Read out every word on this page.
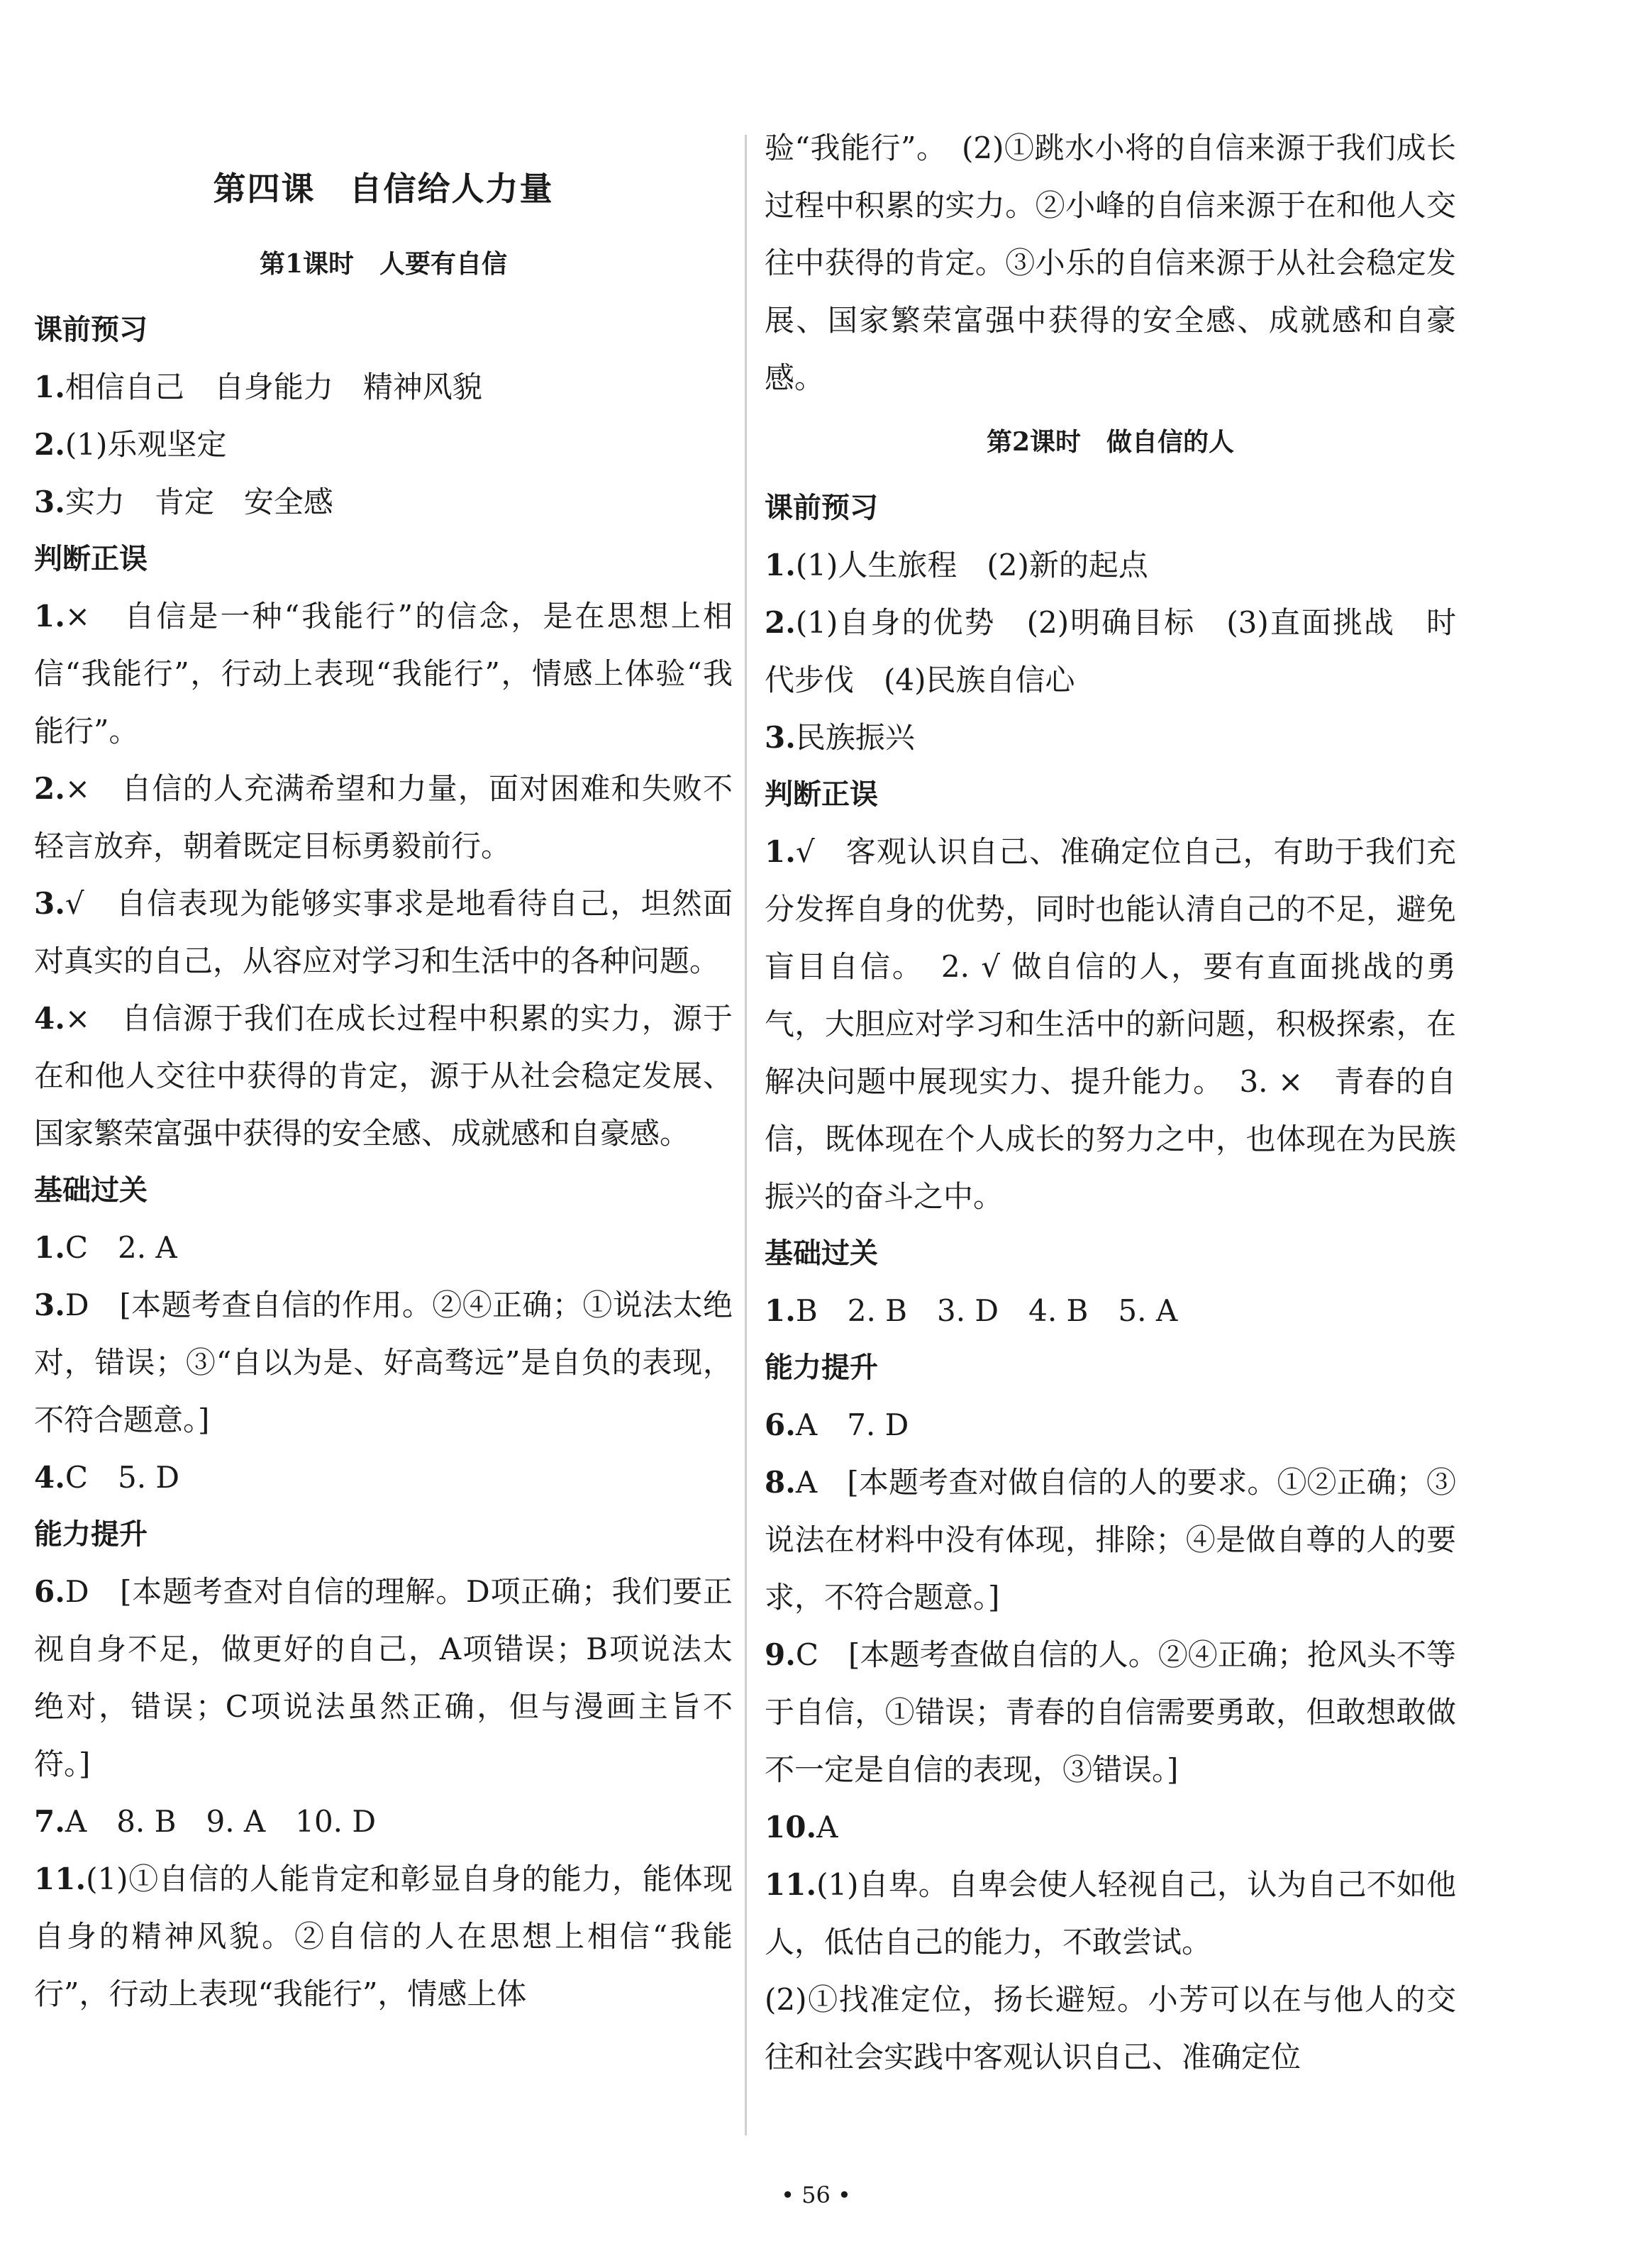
第四课　自信给人力量
第1课时　人要有自信
课前预习

1.相信自己　自身能力　精神风貌

2.(1)乐观坚定

3.实力　肯定　安全感

判断正误

1.×　自信是一种“我能行”的信念，是在思想上相信“我能行”，行动上表现“我能行”，情感上体验“我能行”。

2.×　自信的人充满希望和力量，面对困难和失败不轻言放弃，朝着既定目标勇毅前行。

3.√　自信表现为能够实事求是地看待自己，坦然面对真实的自己，从容应对学习和生活中的各种问题。

4.×　自信源于我们在成长过程中积累的实力，源于在和他人交往中获得的肯定，源于从社会稳定发展、国家繁荣富强中获得的安全感、成就感和自豪感。

基础过关

1.C　2. A

3.D　[本题考查自信的作用。②④正确；①说法太绝对，错误；③“自以为是、好高骛远”是自负的表现，不符合题意。]

4.C　5. D

能力提升

6.D　[本题考查对自信的理解。D项正确；我们要正视自身不足，做更好的自己，A项错误；B项说法太绝对，错误；C项说法虽然正确，但与漫画主旨不符。]

7.A　8. B　9. A　10. D

11.(1)①自信的人能肯定和彰显自身的能力，能体现自身的精神风貌。②自信的人在思想上相信“我能行”，行动上表现“我能行”，情感上体

验“我能行”。　(2)①跳水小将的自信来源于我们成长过程中积累的实力。②小峰的自信来源于在和他人交往中获得的肯定。③小乐的自信来源于从社会稳定发展、国家繁荣富强中获得的安全感、成就感和自豪感。

第2课时　做自信的人
课前预习

1.(1)人生旅程　(2)新的起点

2.(1)自身的优势　(2)明确目标　(3)直面挑战　时代步伐　(4)民族自信心

3.民族振兴

判断正误

1.√　客观认识自己、准确定位自己，有助于我们充分发挥自身的优势，同时也能认清自己的不足，避免盲目自信。　2. √ 做自信的人，要有直面挑战的勇气，大胆应对学习和生活中的新问题，积极探索，在解决问题中展现实力、提升能力。　3. ×　青春的自信，既体现在个人成长的努力之中，也体现在为民族振兴的奋斗之中。

基础过关

1.B　2. B　3. D　4. B　5. A

能力提升

6.A　7. D

8.A　[本题考查对做自信的人的要求。①②正确；③说法在材料中没有体现，排除；④是做自尊的人的要求，不符合题意。]

9.C　[本题考查做自信的人。②④正确；抢风头不等于自信，①错误；青春的自信需要勇敢，但敢想敢做不一定是自信的表现，③错误。]

10.A

11.(1)自卑。自卑会使人轻视自己，认为自己不如他人，低估自己的能力，不敢尝试。

(2)①找准定位，扬长避短。小芳可以在与他人的交往和社会实践中客观认识自己、准确定位

• 56 •
